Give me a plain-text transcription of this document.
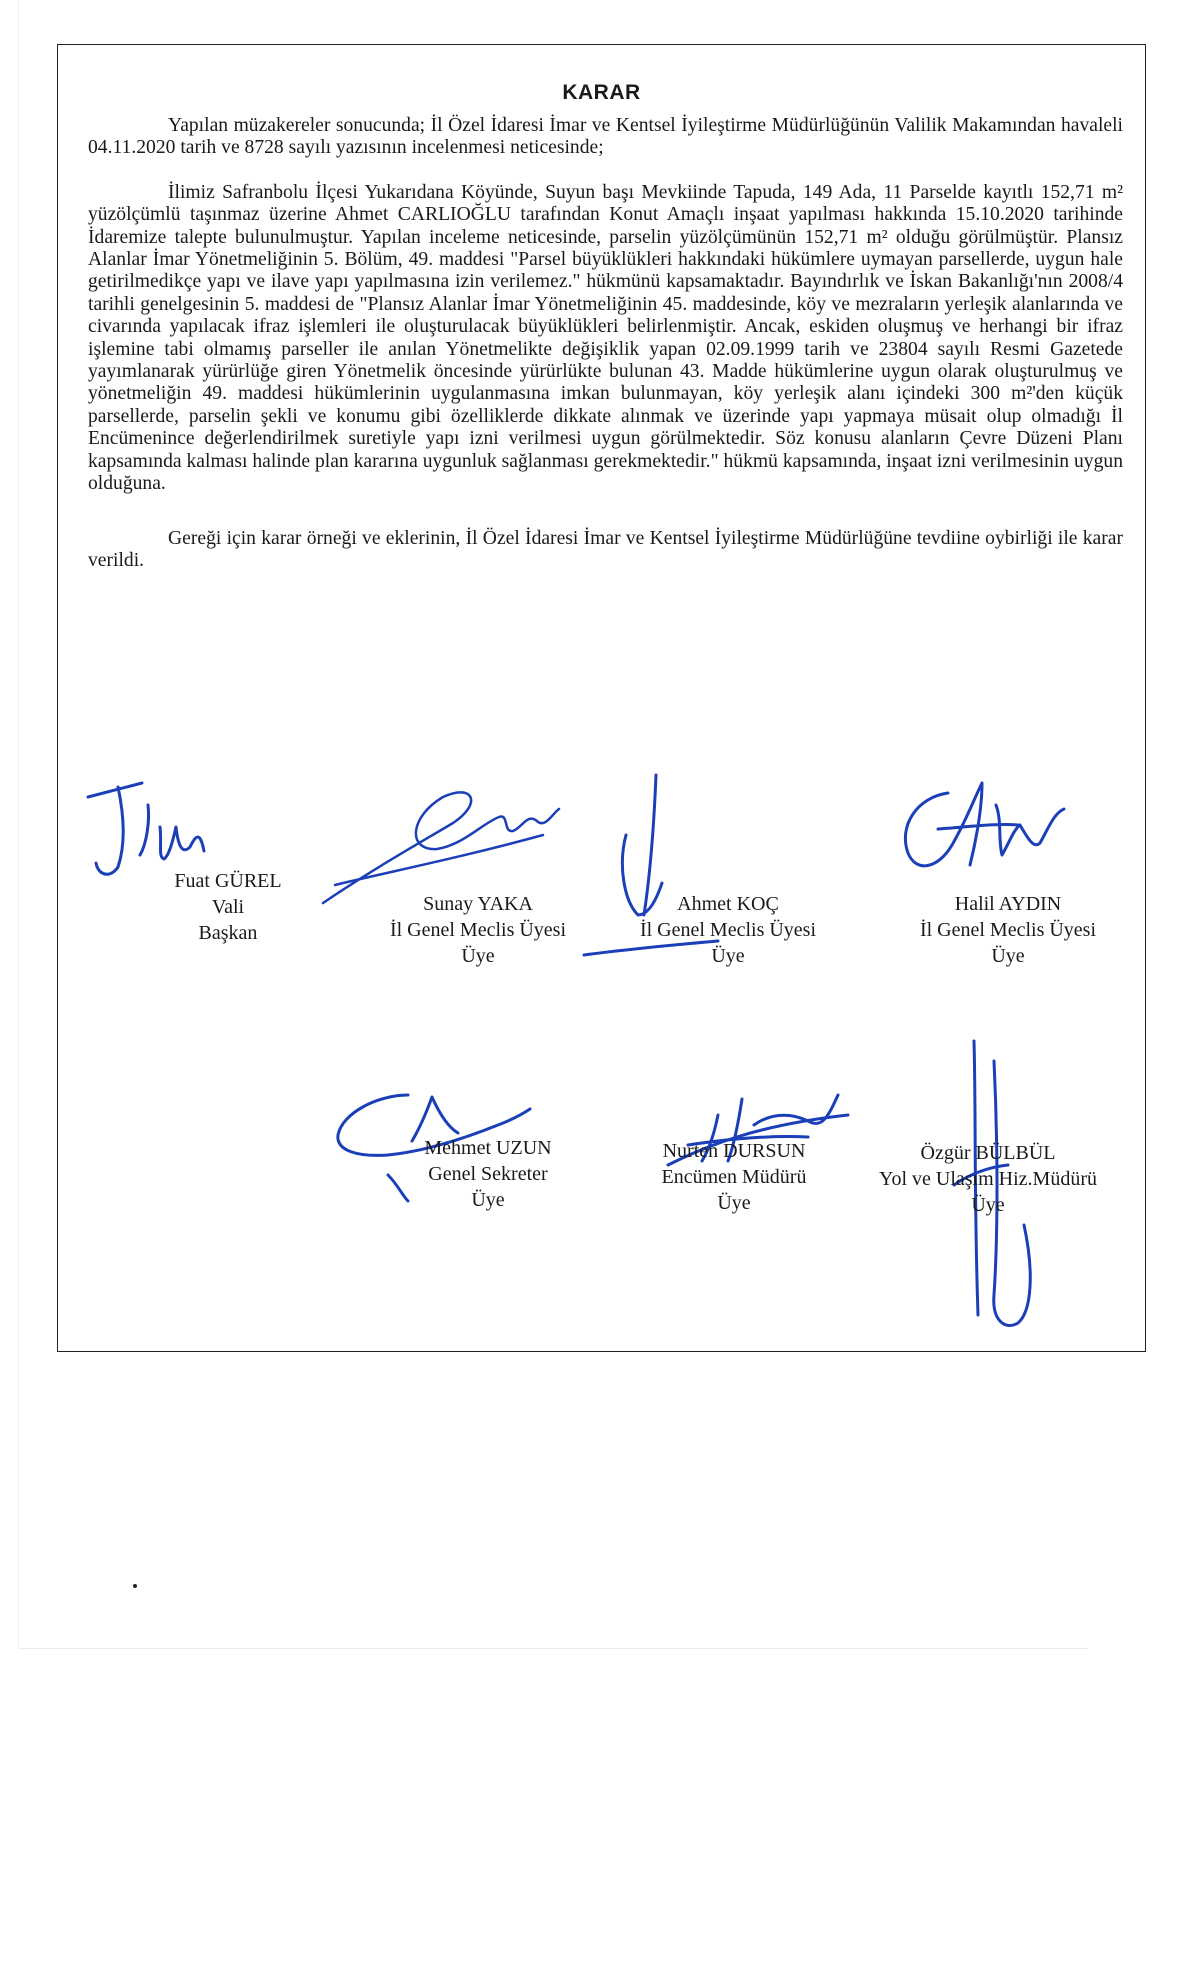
KARAR

Yapılan müzakereler sonucunda; İl Özel İdaresi İmar ve Kentsel İyileştirme Müdürlüğünün Valilik Makamından havaleli 04.11.2020 tarih ve 8728 sayılı yazısının incelenmesi neticesinde;

İlimiz Safranbolu İlçesi Yukarıdana Köyünde, Suyun başı Mevkiinde Tapuda, 149 Ada, 11 Parselde kayıtlı 152,71 m² yüzölçümlü taşınmaz üzerine Ahmet CARLIOĞLU tarafından Konut Amaçlı inşaat yapılması hakkında 15.10.2020 tarihinde İdaremize talepte bulunulmuştur. Yapılan inceleme neticesinde, parselin yüzölçümünün 152,71 m² olduğu görülmüştür. Plansız Alanlar İmar Yönetmeliğinin 5. Bölüm, 49. maddesi "Parsel büyüklükleri hakkındaki hükümlere uymayan parsellerde, uygun hale getirilmedikçe yapı ve ilave yapı yapılmasına izin verilemez." hükmünü kapsamaktadır. Bayındırlık ve İskan Bakanlığı'nın 2008/4 tarihli genelgesinin 5. maddesi de "Plansız Alanlar İmar Yönetmeliğinin 45. maddesinde, köy ve mezraların yerleşik alanlarında ve civarında yapılacak ifraz işlemleri ile oluşturulacak büyüklükleri belirlenmiştir. Ancak, eskiden oluşmuş ve herhangi bir ifraz işlemine tabi olmamış parseller ile anılan Yönetmelikte değişiklik yapan 02.09.1999 tarih ve 23804 sayılı Resmi Gazetede yayımlanarak yürürlüğe giren Yönetmelik öncesinde yürürlükte bulunan 43. Madde hükümlerine uygun olarak oluşturulmuş ve yönetmeliğin 49. maddesi hükümlerinin uygulanmasına imkan bulunmayan, köy yerleşik alanı içindeki 300 m²'den küçük parsellerde, parselin şekli ve konumu gibi özelliklerde dikkate alınmak ve üzerinde yapı yapmaya müsait olup olmadığı İl Encümenince değerlendirilmek suretiyle yapı izni verilmesi uygun görülmektedir. Söz konusu alanların Çevre Düzeni Planı kapsamında kalması halinde plan kararına uygunluk sağlanması gerekmektedir." hükmü kapsamında, inşaat izni verilmesinin uygun olduğuna.

Gereği için karar örneği ve eklerinin, İl Özel İdaresi İmar ve Kentsel İyileştirme Müdürlüğüne tevdiine oybirliği ile karar verildi.

Fuat GÜREL
Vali
Başkan
Sunay YAKA
İl Genel Meclis Üyesi
Üye
Ahmet KOÇ
İl Genel Meclis Üyesi
Üye
Halil AYDIN
İl Genel Meclis Üyesi
Üye
Mehmet UZUN
Genel Sekreter
Üye
Nurten DURSUN
Encümen Müdürü
Üye
Özgür BÜLBÜL
Yol ve Ulaşım Hiz.Müdürü
Üye
